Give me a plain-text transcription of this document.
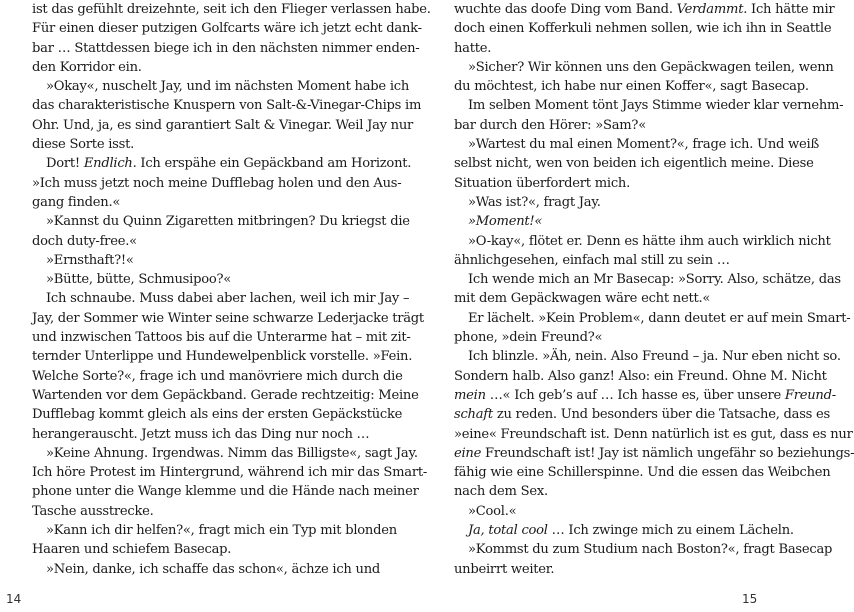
ist das gefühlt dreizehnte, seit ich den Flieger verlassen habe.
Für einen dieser putzigen Golfcarts wäre ich jetzt echt dank-
bar … Stattdessen biege ich in den nächsten nimmer enden-
den Korridor ein.

»Okay«, nuschelt Jay, und im nächsten Moment habe ich
das charakteristische Knuspern von Salt-&-Vinegar-Chips im
Ohr. Und, ja, es sind garantiert Salt & Vinegar. Weil Jay nur
diese Sorte isst.

Dort! Endlich. Ich erspähe ein Gepäckband am Horizont.
»Ich muss jetzt noch meine Dufflebag holen und den Aus-
gang finden.«

»Kannst du Quinn Zigaretten mitbringen? Du kriegst die
doch duty-free.«

»Ernsthaft?!«

»Bütte, bütte, Schmusipoo?«

Ich schnaube. Muss dabei aber lachen, weil ich mir Jay –
Jay, der Sommer wie Winter seine schwarze Lederjacke trägt
und inzwischen Tattoos bis auf die Unterarme hat – mit zit-
ternder Unterlippe und Hundewelpenblick vorstelle. »Fein.
Welche Sorte?«, frage ich und manövriere mich durch die
Wartenden vor dem Gepäckband. Gerade rechtzeitig: Meine
Dufflebag kommt gleich als eins der ersten Gepäckstücke
herangerauscht. Jetzt muss ich das Ding nur noch …

»Keine Ahnung. Irgendwas. Nimm das Billigste«, sagt Jay.
Ich höre Protest im Hintergrund, während ich mir das Smart-
phone unter die Wange klemme und die Hände nach meiner
Tasche ausstrecke.

»Kann ich dir helfen?«, fragt mich ein Typ mit blonden
Haaren und schiefem Basecap.

»Nein, danke, ich schaffe das schon«, ächze ich und

wuchte das doofe Ding vom Band. Verdammt. Ich hätte mir
doch einen Kofferkuli nehmen sollen, wie ich ihn in Seattle
hatte.

»Sicher? Wir können uns den Gepäckwagen teilen, wenn
du möchtest, ich habe nur einen Koffer«, sagt Basecap.

Im selben Moment tönt Jays Stimme wieder klar vernehm-
bar durch den Hörer: »Sam?«

»Wartest du mal einen Moment?«, frage ich. Und weiß
selbst nicht, wen von beiden ich eigentlich meine. Diese
Situation überfordert mich.

»Was ist?«, fragt Jay.

»Moment!«

»O-kay«, flötet er. Denn es hätte ihm auch wirklich nicht
ähnlichgesehen, einfach mal still zu sein …

Ich wende mich an Mr Basecap: »Sorry. Also, schätze, das
mit dem Gepäckwagen wäre echt nett.«

Er lächelt. »Kein Problem«, dann deutet er auf mein Smart-
phone, »dein Freund?«

Ich blinzle. »Äh, nein. Also Freund – ja. Nur eben nicht so.
Sondern halb. Also ganz! Also: ein Freund. Ohne M. Nicht
mein …« Ich geb’s auf … Ich hasse es, über unsere Freund-
schaft zu reden. Und besonders über die Tatsache, dass es
»eine« Freundschaft ist. Denn natürlich ist es gut, dass es nur
eine Freundschaft ist! Jay ist nämlich ungefähr so beziehungs-
fähig wie eine Schillerspinne. Und die essen das Weibchen
nach dem Sex.

»Cool.«

Ja, total cool … Ich zwinge mich zu einem Lächeln.

»Kommst du zum Studium nach Boston?«, fragt Basecap
unbeirrt weiter.

14	15
